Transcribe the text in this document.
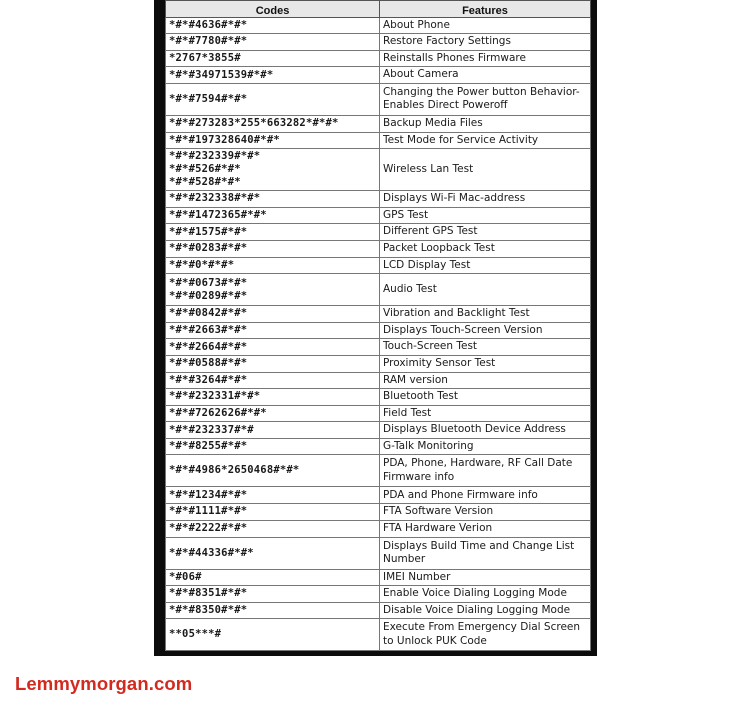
Codes	Features

*#*#4636#*#*	About Phone

*#*#7780#*#*	Restore Factory Settings

*2767*3855#	Reinstalls Phones Firmware

*#*#34971539#*#*	About Camera

*#*#7594#*#*	Changing the Power button Behavior-Enables Direct Poweroff

*#*#273283*255*663282*#*#*	Backup Media Files

*#*#197328640#*#*	Test Mode for Service Activity

*#*#232339#*#*
*#*#526#*#*
*#*#528#*#*	Wireless Lan Test

*#*#232338#*#*	Displays Wi-Fi Mac-address

*#*#1472365#*#*	GPS Test

*#*#1575#*#*	Different GPS Test

*#*#0283#*#*	Packet Loopback Test

*#*#0*#*#*	LCD Display Test

*#*#0673#*#*
*#*#0289#*#*	Audio Test

*#*#0842#*#*	Vibration and Backlight Test

*#*#2663#*#*	Displays Touch-Screen Version

*#*#2664#*#*	Touch-Screen Test

*#*#0588#*#*	Proximity Sensor Test

*#*#3264#*#*	RAM version

*#*#232331#*#*	Bluetooth Test

*#*#7262626#*#*	Field Test

*#*#232337#*#	Displays Bluetooth Device Address

*#*#8255#*#*	G-Talk Monitoring

*#*#4986*2650468#*#*	PDA, Phone, Hardware, RF Call Date Firmware info

*#*#1234#*#*	PDA and Phone Firmware info

*#*#1111#*#*	FTA Software Version

*#*#2222#*#*	FTA Hardware Verion

*#*#44336#*#*	Displays Build Time and Change List Number

*#06#	IMEI Number

*#*#8351#*#*	Enable Voice Dialing Logging Mode

*#*#8350#*#*	Disable Voice Dialing Logging Mode

**05***#	Execute From Emergency Dial Screen to Unlock PUK Code
Lemmymorgan.com
